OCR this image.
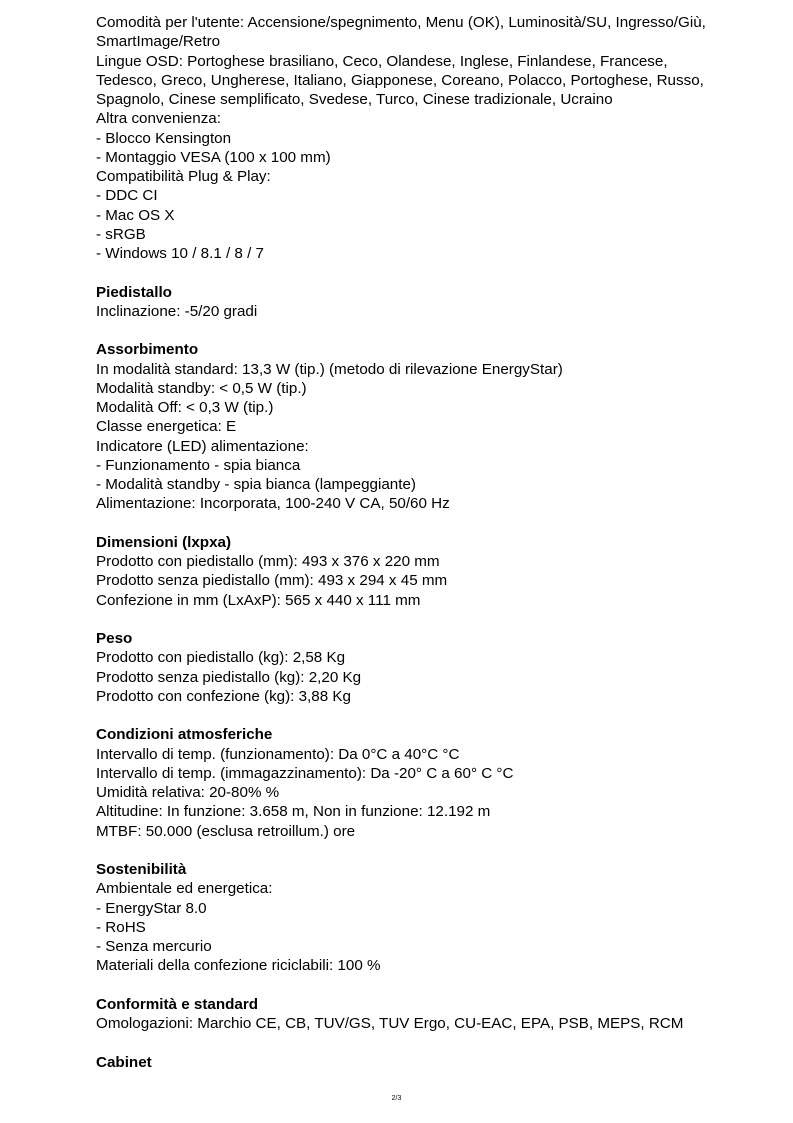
Comodità per l'utente: Accensione/spegnimento, Menu (OK), Luminosità/SU, Ingresso/Giù,
SmartImage/Retro
Lingue OSD: Portoghese brasiliano, Ceco, Olandese, Inglese, Finlandese, Francese,
Tedesco, Greco, Ungherese, Italiano, Giapponese, Coreano, Polacco, Portoghese, Russo,
Spagnolo, Cinese semplificato, Svedese, Turco, Cinese tradizionale, Ucraino
Altra convenienza:
- Blocco Kensington
- Montaggio VESA (100 x 100 mm)
Compatibilità Plug & Play:
- DDC CI
- Mac OS X
- sRGB
- Windows 10 / 8.1 / 8 / 7
Piedistallo
Inclinazione: -5/20 gradi
Assorbimento
In modalità standard: 13,3 W (tip.) (metodo di rilevazione EnergyStar)
Modalità standby: < 0,5 W (tip.)
Modalità Off: < 0,3 W (tip.)
Classe energetica: E
Indicatore (LED) alimentazione:
- Funzionamento - spia bianca
- Modalità standby - spia bianca (lampeggiante)
Alimentazione: Incorporata, 100-240 V CA, 50/60 Hz
Dimensioni (lxpxa)
Prodotto con piedistallo (mm): 493 x 376 x 220 mm
Prodotto senza piedistallo (mm): 493 x 294 x 45 mm
Confezione in mm (LxAxP): 565 x 440 x 111 mm
Peso
Prodotto con piedistallo (kg): 2,58 Kg
Prodotto senza piedistallo (kg): 2,20 Kg
Prodotto con confezione (kg): 3,88 Kg
Condizioni atmosferiche
Intervallo di temp. (funzionamento): Da 0°C a 40°C °C
Intervallo di temp. (immagazzinamento): Da -20° C a 60° C °C
Umidità relativa: 20-80% %
Altitudine: In funzione: 3.658 m, Non in funzione: 12.192 m
MTBF: 50.000 (esclusa retroillum.) ore
Sostenibilità
Ambientale ed energetica:
- EnergyStar 8.0
- RoHS
- Senza mercurio
Materiali della confezione riciclabili: 100 %
Conformità e standard
Omologazioni: Marchio CE, CB, TUV/GS, TUV Ergo, CU-EAC, EPA, PSB, MEPS, RCM
Cabinet
2/3
